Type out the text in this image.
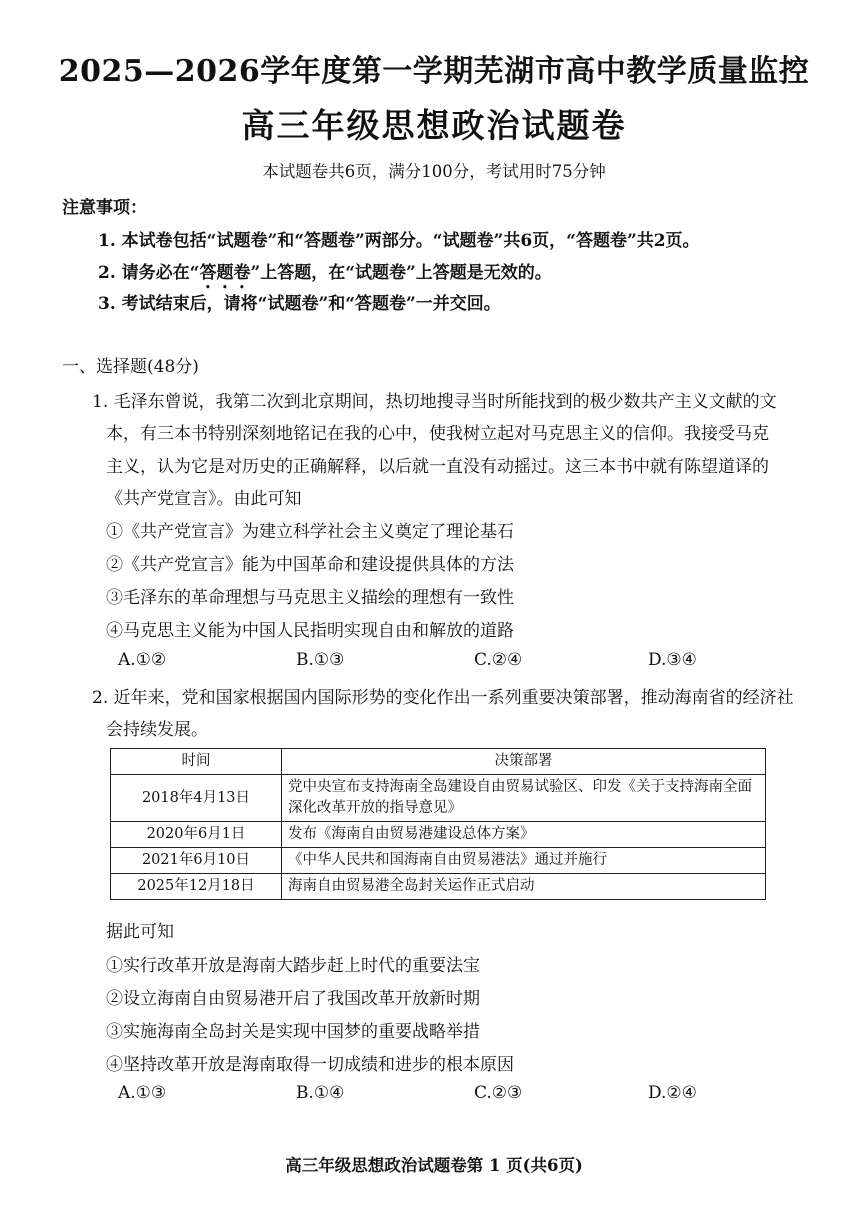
2025—2026学年度第一学期芜湖市高中教学质量监控
高三年级思想政治试题卷
本试题卷共6页，满分100分，考试用时75分钟
注意事项：
1. 本试卷包括“试题卷”和“答题卷”两部分。“试题卷”共6页，“答题卷”共2页。
2. 请务必在“答题卷”上答题，在“试题卷”上答题是无效的。
3. 考试结束后，请将“试题卷”和“答题卷”一并交回。
一、选择题(48分)
1. 毛泽东曾说，我第二次到北京期间，热切地搜寻当时所能找到的极少数共产主义文献的文
本，有三本书特别深刻地铭记在我的心中，使我树立起对马克思主义的信仰。我接受马克
主义，认为它是对历史的正确解释，以后就一直没有动摇过。这三本书中就有陈望道译的
《共产党宣言》。由此可知
①《共产党宣言》为建立科学社会主义奠定了理论基石
②《共产党宣言》能为中国革命和建设提供具体的方法
③毛泽东的革命理想与马克思主义描绘的理想有一致性
④马克思主义能为中国人民指明实现自由和解放的道路
A.①②	B.①③	C.②④	D.③④
2. 近年来，党和国家根据国内国际形势的变化作出一系列重要决策部署，推动海南省的经济社
会持续发展。
时间	决策部署
2018年4月13日	党中央宣布支持海南全岛建设自由贸易试验区、印发《关于支持海南全面深化改革开放的指导意见》
2020年6月1日	发布《海南自由贸易港建设总体方案》
2021年6月10日	《中华人民共和国海南自由贸易港法》通过并施行
2025年12月18日	海南自由贸易港全岛封关运作正式启动
据此可知
①实行改革开放是海南大踏步赶上时代的重要法宝
②设立海南自由贸易港开启了我国改革开放新时期
③实施海南全岛封关是实现中国梦的重要战略举措
④坚持改革开放是海南取得一切成绩和进步的根本原因
A.①③	B.①④	C.②③	D.②④
高三年级思想政治试题卷第 1 页(共6页)
